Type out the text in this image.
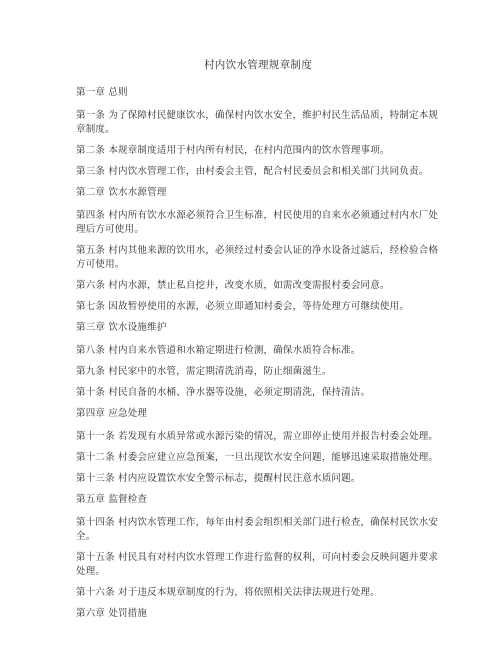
村内饮水管理规章制度

第一章 总则

第一条 为了保障村民健康饮水，确保村内饮水安全，维护村民生活品质，特制定本规章制度。

第二条 本规章制度适用于村内所有村民，在村内范围内的饮水管理事项。

第三条 村内饮水管理工作，由村委会主管，配合村民委员会和相关部门共同负责。

第二章 饮水水源管理

第四条 村内所有饮水水源必须符合卫生标准，村民使用的自来水必须通过村内水厂处理后方可使用。

第五条 村内其他来源的饮用水，必须经过村委会认证的净水设备过滤后，经检验合格方可使用。

第六条 村内水源，禁止私自挖井，改变水质，如需改变需报村委会同意。

第七条 因故暂停使用的水源，必须立即通知村委会，等待处理方可继续使用。

第三章 饮水设施维护

第八条 村内自来水管道和水箱定期进行检测，确保水质符合标准。

第九条 村民家中的水管，需定期清洗消毒，防止细菌滋生。

第十条 村民自备的水桶、净水器等设施，必须定期清洗，保持清洁。

第四章 应急处理

第十一条 若发现有水质异常或水源污染的情况，需立即停止使用并报告村委会处理。

第十二条 村委会应建立应急预案，一旦出现饮水安全问题，能够迅速采取措施处理。

第十三条 村内应设置饮水安全警示标志，提醒村民注意水质问题。

第五章 监督检查

第十四条 村内饮水管理工作，每年由村委会组织相关部门进行检查，确保村民饮水安全。

第十五条 村民具有对村内饮水管理工作进行监督的权利，可向村委会反映问题并要求处理。

第十六条 对于违反本规章制度的行为，将依照相关法律法规进行处理。

第六章 处罚措施
